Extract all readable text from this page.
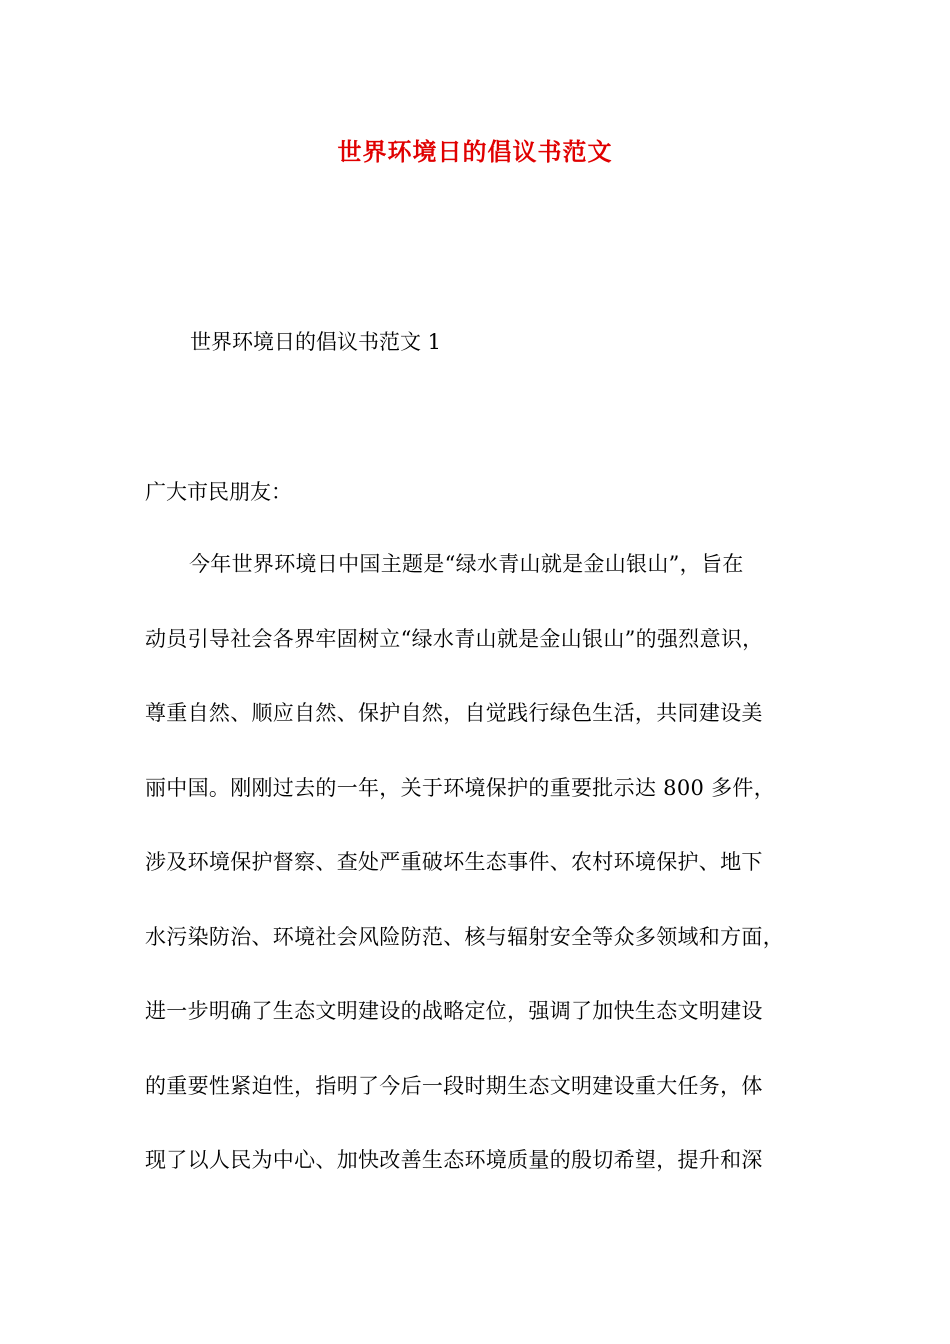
世界环境日的倡议书范文
世界环境日的倡议书范文 1
广大市民朋友：
今年世界环境日中国主题是“绿水青山就是金山银山”，旨在
动员引导社会各界牢固树立“绿水青山就是金山银山”的强烈意识，
尊重自然、顺应自然、保护自然，自觉践行绿色生活，共同建设美
丽中国。刚刚过去的一年，关于环境保护的重要批示达 800 多件，
涉及环境保护督察、查处严重破坏生态事件、农村环境保护、地下
水污染防治、环境社会风险防范、核与辐射安全等众多领域和方面，
进一步明确了生态文明建设的战略定位，强调了加快生态文明建设
的重要性紧迫性，指明了今后一段时期生态文明建设重大任务，体
现了以人民为中心、加快改善生态环境质量的殷切希望，提升和深
